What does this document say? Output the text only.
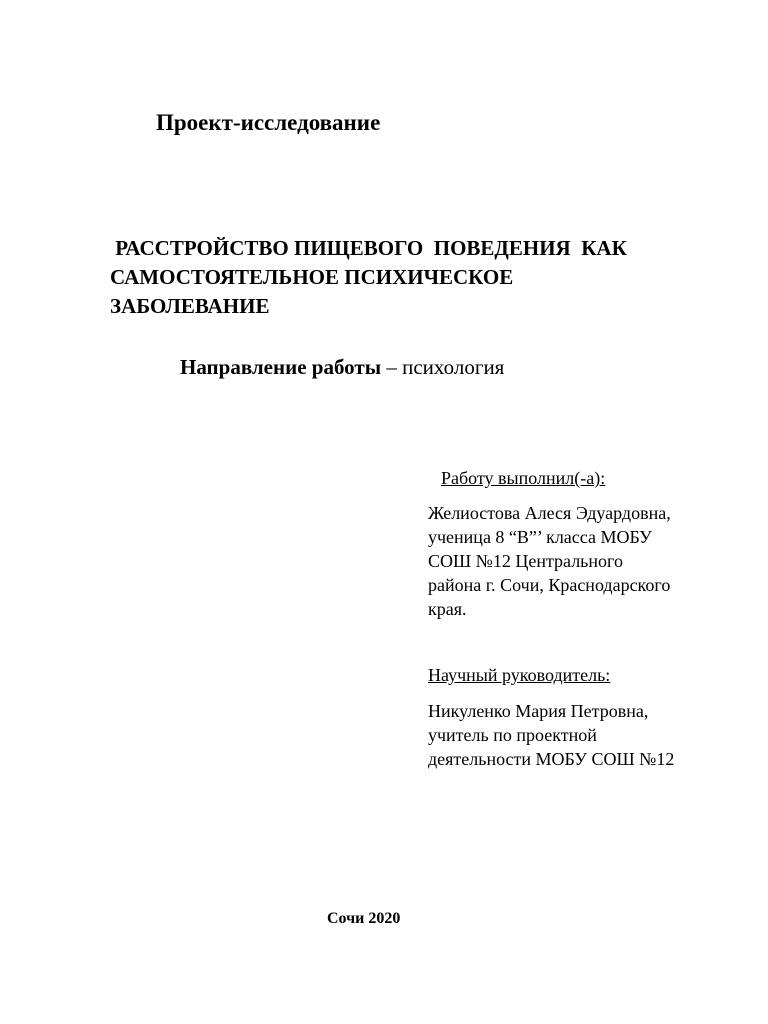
Проект-исследование
РАССТРОЙСТВО ПИЩЕВОГО  ПОВЕДЕНИЯ  КАК
САМОСТОЯТЕЛЬНОЕ ПСИХИЧЕСКОЕ
ЗАБОЛЕВАНИЕ
Направление работы – психология
Работу выполнил(-а):
Желиостова Алеся Эдуардовна,
ученица 8 “В”’ класса МОБУ
СОШ №12 Центрального
района г. Сочи, Краснодарского
края.
Научный руководитель:
Никуленко Мария Петровна,
учитель по проектной
деятельности МОБУ СОШ №12
Сочи 2020
